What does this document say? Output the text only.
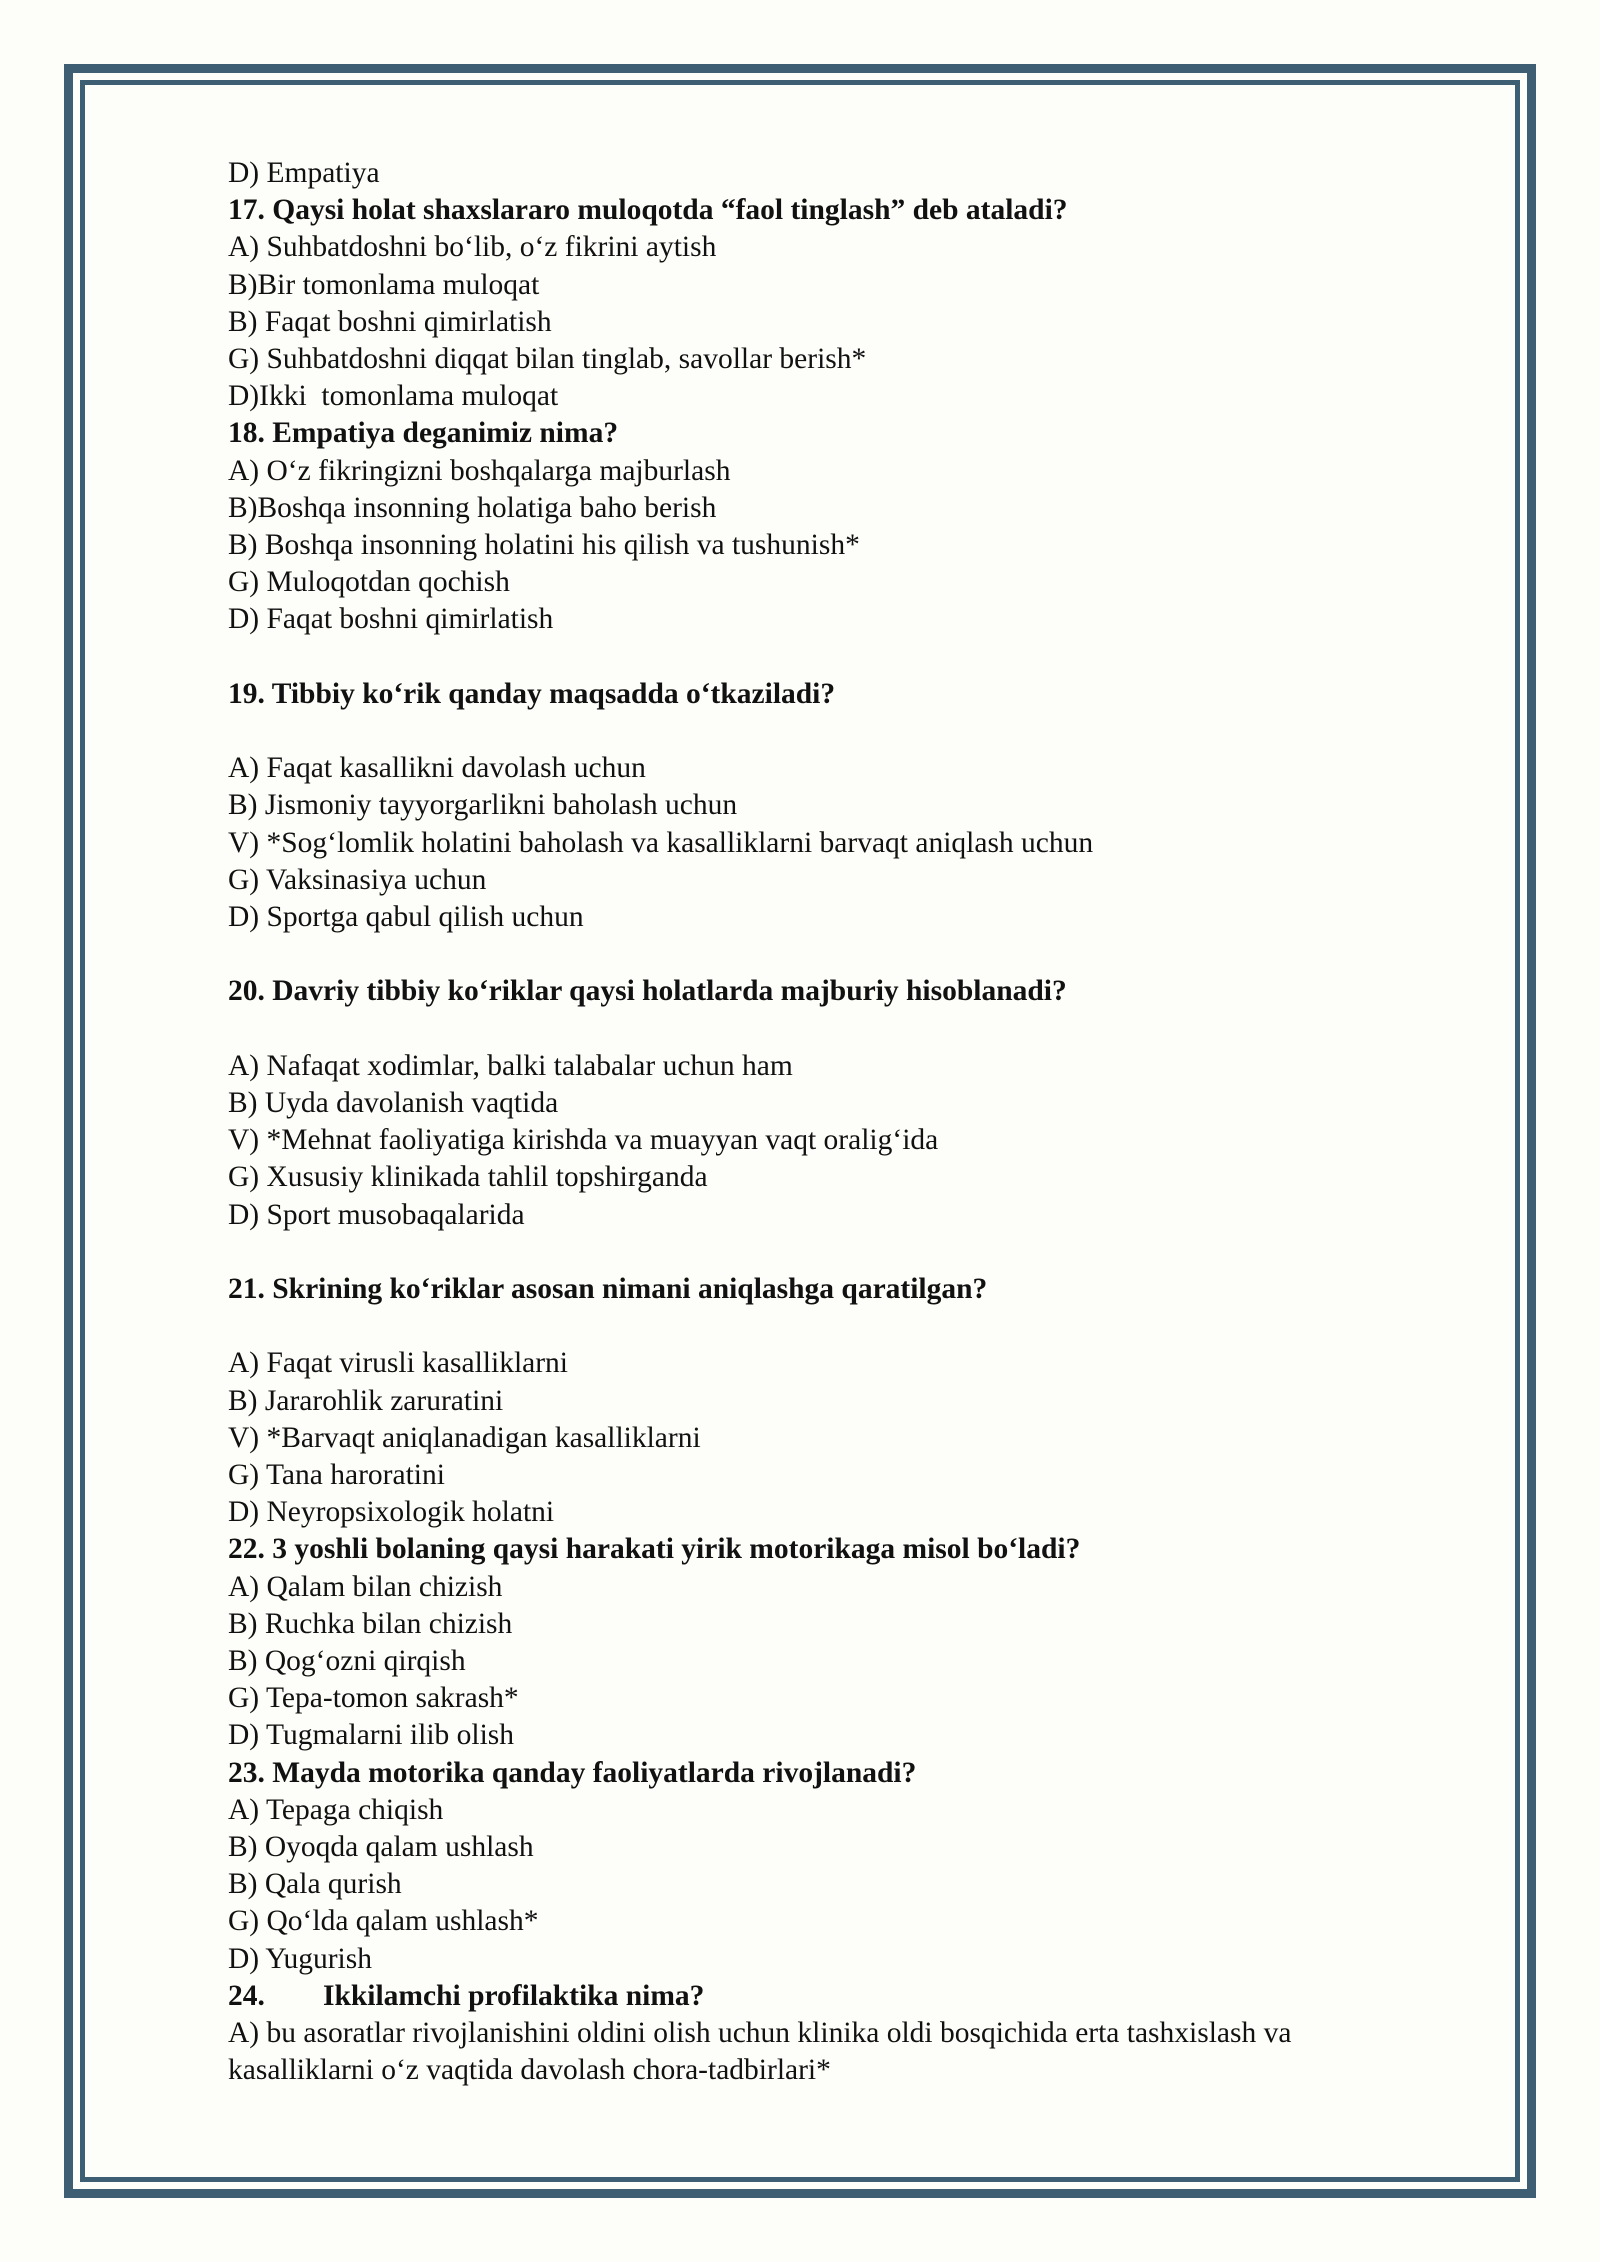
D) Empatiya
17. Qaysi holat shaxslararo muloqotda “faol tinglash” deb ataladi?
A) Suhbatdoshni bo‘lib, o‘z fikrini aytish
B)Bir tomonlama muloqat
B) Faqat boshni qimirlatish
G) Suhbatdoshni diqqat bilan tinglab, savollar berish*
D)Ikki  tomonlama muloqat
18. Empatiya deganimiz nima?
A) O‘z fikringizni boshqalarga majburlash
B)Boshqa insonning holatiga baho berish
B) Boshqa insonning holatini his qilish va tushunish*
G) Muloqotdan qochish
D) Faqat boshni qimirlatish
19. Tibbiy ko‘rik qanday maqsadda o‘tkaziladi?
A) Faqat kasallikni davolash uchun
B) Jismoniy tayyorgarlikni baholash uchun
V) *Sog‘lomlik holatini baholash va kasalliklarni barvaqt aniqlash uchun
G) Vaksinasiya uchun
D) Sportga qabul qilish uchun
20. Davriy tibbiy ko‘riklar qaysi holatlarda majburiy hisoblanadi?
A) Nafaqat xodimlar, balki talabalar uchun ham
B) Uyda davolanish vaqtida
V) *Mehnat faoliyatiga kirishda va muayyan vaqt oralig‘ida
G) Xususiy klinikada tahlil topshirganda
D) Sport musobaqalarida
21. Skrining ko‘riklar asosan nimani aniqlashga qaratilgan?
A) Faqat virusli kasalliklarni
B) Jararohlik zaruratini
V) *Barvaqt aniqlanadigan kasalliklarni
G) Tana haroratini
D) Neyropsixologik holatni
22. 3 yoshli bolaning qaysi harakati yirik motorikaga misol bo‘ladi?
A) Qalam bilan chizish
B) Ruchka bilan chizish
B) Qog‘ozni qirqish
G) Tepa-tomon sakrash*
D) Tugmalarni ilib olish
23. Mayda motorika qanday faoliyatlarda rivojlanadi?
A) Tepaga chiqish
B) Oyoqda qalam ushlash
B) Qala qurish
G) Qo‘lda qalam ushlash*
D) Yugurish
24. Ikkilamchi profilaktika nima?
A) bu asoratlar rivojlanishini oldini olish uchun klinika oldi bosqichida erta tashxislash va kasalliklarni o‘z vaqtida davolash chora-tadbirlari*
